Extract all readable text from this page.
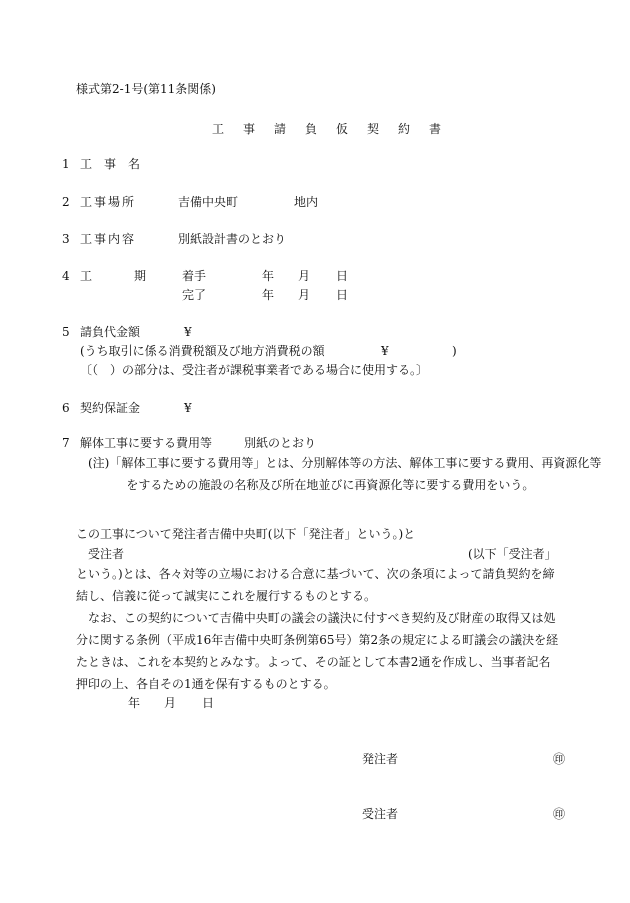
様式第2-1号(第11条関係)
工事請負仮契約書
1 工　事　名
2 工事場所	吉備中央町	地内
3 工事内容	別紙設計書のとおり
4 工	期	着手	年 月 日
完了	年 月 日
5 請負代金額	¥
(うち取引に係る消費税額及び地方消費税の額	¥	)
〔（　）の部分は、受注者が課税事業者である場合に使用する。〕
6 契約保証金	¥
7 解体工事に要する費用等	別紙のとおり
(注)「解体工事に要する費用等」とは、分別解体等の方法、解体工事に要する費用、再資源化等をするための施設の名称及び所在地並びに再資源化等に要する費用をいう。
この工事について発注者吉備中央町(以下「発注者」という。)と
受注者	(以下「受注者」

という。)とは、各々対等の立場における合意に基づいて、次の条項によって請負契約を締結し、信義に従って誠実にこれを履行するものとする。

なお、この契約について吉備中央町の議会の議決に付すべき契約及び財産の取得又は処分に関する条例（平成16年吉備中央町条例第65号）第2条の規定による町議会の議決を経たときは、これを本契約とみなす。よって、その証として本書2通を作成し、当事者記名押印の上、各自その1通を保有するものとする。

年 月 日
発注者	㊞
受注者	㊞
